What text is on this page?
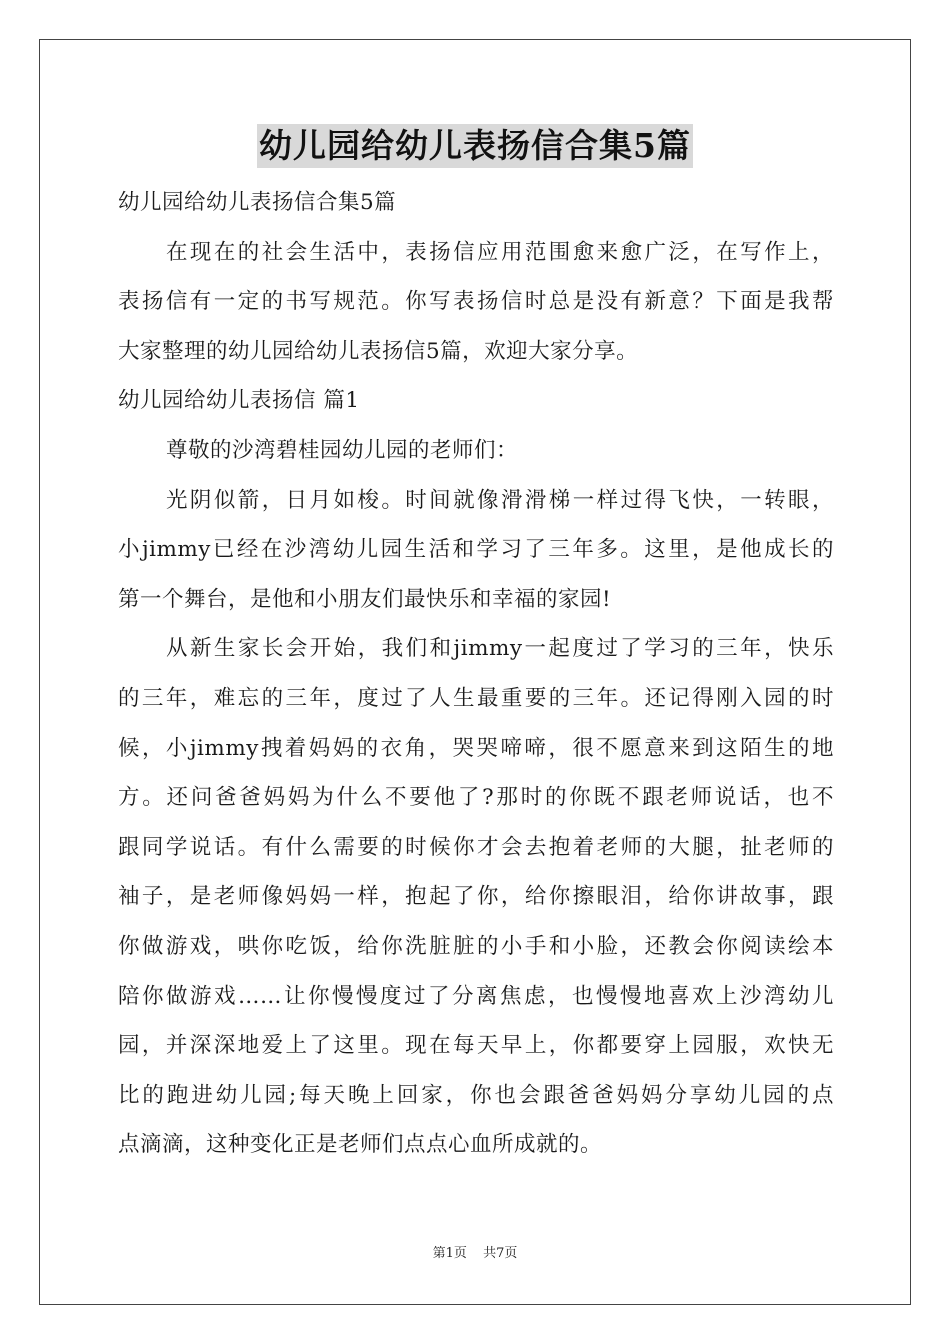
幼儿园给幼儿表扬信合集5篇
幼儿园给幼儿表扬信合集5篇
在现在的社会生活中，表扬信应用范围愈来愈广泛，在写作上，
表扬信有一定的书写规范。你写表扬信时总是没有新意？下面是我帮
大家整理的幼儿园给幼儿表扬信5篇，欢迎大家分享。
幼儿园给幼儿表扬信 篇1
尊敬的沙湾碧桂园幼儿园的老师们：
光阴似箭，日月如梭。时间就像滑滑梯一样过得飞快，一转眼，
小jimmy已经在沙湾幼儿园生活和学习了三年多。这里，是他成长的
第一个舞台，是他和小朋友们最快乐和幸福的家园!
从新生家长会开始，我们和jimmy一起度过了学习的三年，快乐
的三年，难忘的三年，度过了人生最重要的三年。还记得刚入园的时
候，小jimmy拽着妈妈的衣角，哭哭啼啼，很不愿意来到这陌生的地
方。还问爸爸妈妈为什么不要他了?那时的你既不跟老师说话，也不
跟同学说话。有什么需要的时候你才会去抱着老师的大腿，扯老师的
袖子，是老师像妈妈一样，抱起了你，给你擦眼泪，给你讲故事，跟
你做游戏，哄你吃饭，给你洗脏脏的小手和小脸，还教会你阅读绘本
陪你做游戏……让你慢慢度过了分离焦虑，也慢慢地喜欢上沙湾幼儿
园，并深深地爱上了这里。现在每天早上，你都要穿上园服，欢快无
比的跑进幼儿园;每天晚上回家，你也会跟爸爸妈妈分享幼儿园的点
点滴滴，这种变化正是老师们点点心血所成就的。
第1页 共7页
